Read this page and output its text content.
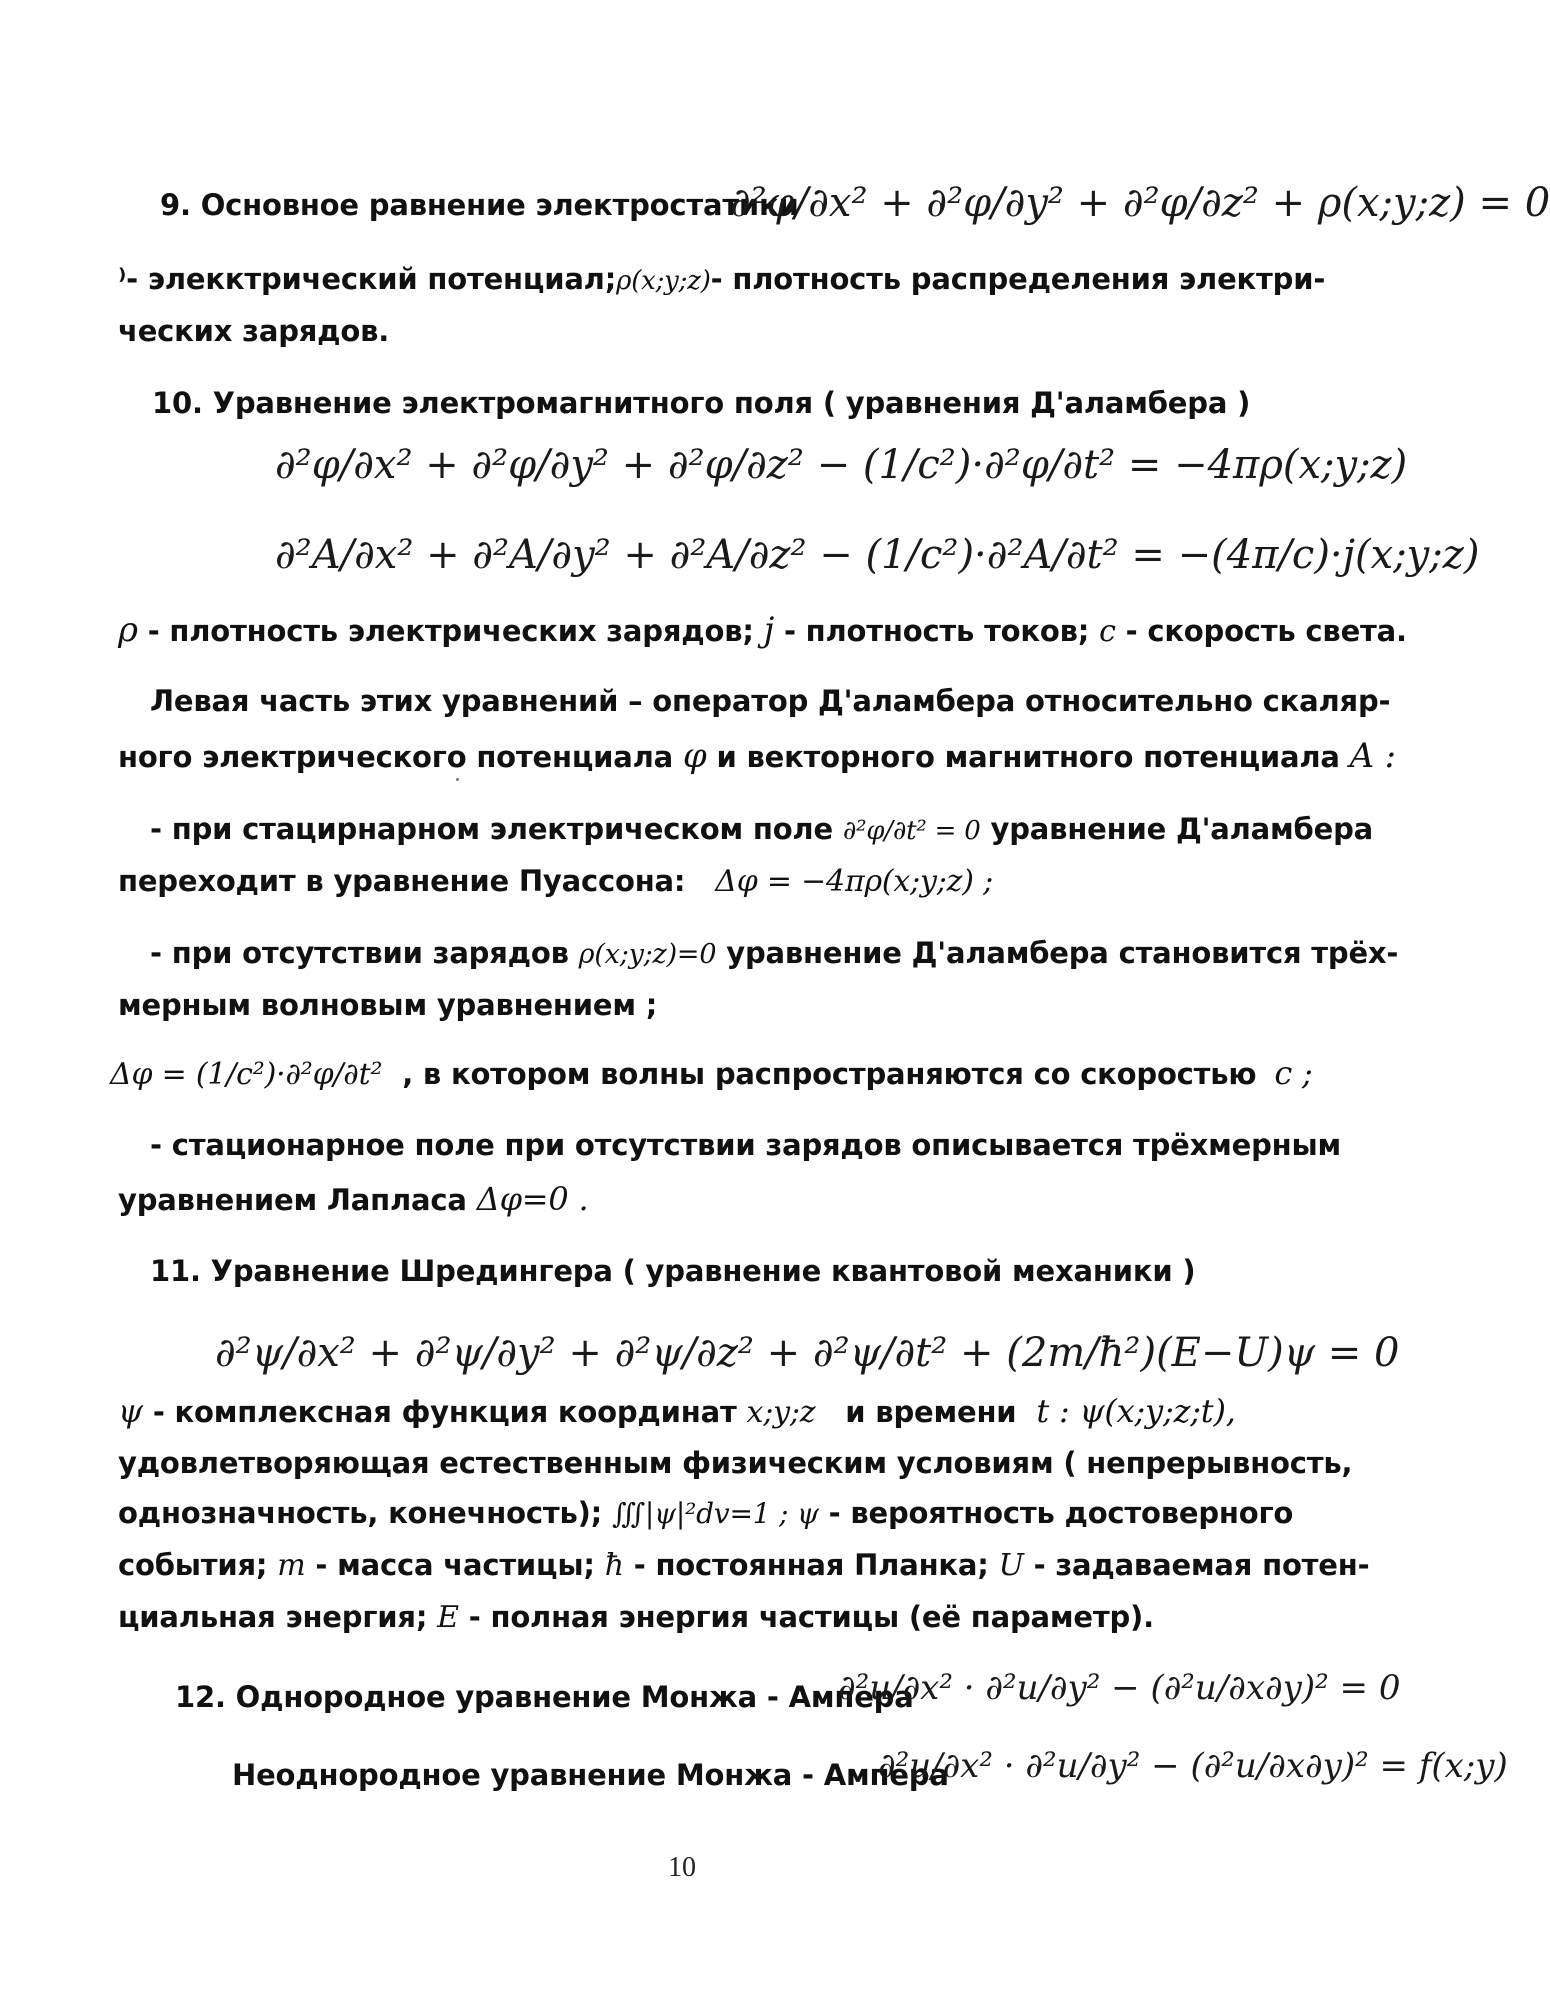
9. Основное равнение электростатики
∂²φ/∂x² + ∂²φ/∂y² + ∂²φ/∂z² + ρ(x;y;z) = 0
⁾- элекктрический потенциал;ρ(x;y;z)- плотность распределения электри-
ческих зарядов.
10. Уравнение электромагнитного поля ( уравнения Д'аламбера )
∂²φ/∂x² + ∂²φ/∂y² + ∂²φ/∂z² − (1/c²)·∂²φ/∂t² = −4πρ(x;y;z)
∂²A/∂x² + ∂²A/∂y² + ∂²A/∂z² − (1/c²)·∂²A/∂t² = −(4π/c)·j(x;y;z)
ρ - плотность электрических зарядов; j - плотность токов; c - скорость света.
Левая часть этих уравнений – оператор Д'аламбера относительно скаляр-
ного электрического потенциала φ и векторного магнитного потенциала A :
- при стацирнарном электрическом поле ∂²φ/∂t² = 0 уравнение Д'аламбера
переходит в уравнение Пуассона: Δφ = −4πρ(x;y;z) ;
- при отсутствии зарядов ρ(x;y;z)=0 уравнение Д'аламбера становится трёх-
мерным волновым уравнением ;
Δφ = (1/c²)·∂²φ/∂t² , в котором волны распространяются со скоростью c ;
- стационарное поле при отсутствии зарядов описывается трёхмерным
уравнением Лапласа Δφ=0 .
11. Уравнение Шредингера ( уравнение квантовой механики )
∂²ψ/∂x² + ∂²ψ/∂y² + ∂²ψ/∂z² + ∂²ψ/∂t² + (2m/ħ²)(E−U)ψ = 0
ψ - комплексная функция координат x;y;z и времени t : ψ(x;y;z;t),
удовлетворяющая естественным физическим условиям ( непрерывность,
однозначность, конечность); ∭|ψ|²dv=1 ; ψ - вероятность достоверного
события; m - масса частицы; ħ - постоянная Планка; U - задаваемая потен-
циальная энергия; E - полная энергия частицы (её параметр).
12. Однородное уравнение Монжа - Ампера
∂²u/∂x² · ∂²u/∂y² − (∂²u/∂x∂y)² = 0
Неоднородное уравнение Монжа - Ампера
∂²u/∂x² · ∂²u/∂y² − (∂²u/∂x∂y)² = f(x;y)
10
